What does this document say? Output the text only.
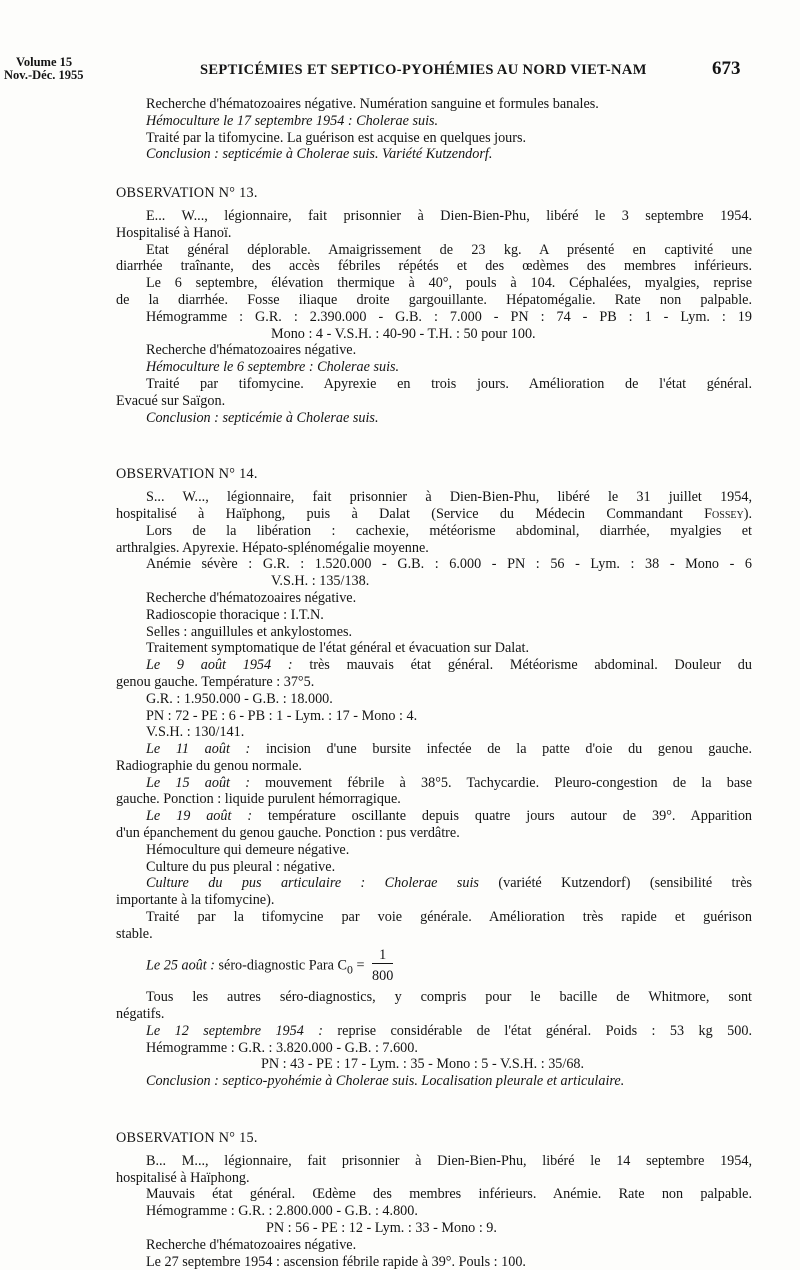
Volume 15
Nov.-Déc. 1955	SEPTICÉMIES ET SEPTICO-PYOHÉMIES AU NORD VIET-NAM	673

Recherche d'hématozoaires négative. Numération sanguine et formules banales.

Hémoculture le 17 septembre 1954 : Cholerae suis.

Traité par la tifomycine. La guérison est acquise en quelques jours.

Conclusion : septicémie à Cholerae suis. Variété Kutzendorf.

OBSERVATION N° 13.

E... W..., légionnaire, fait prisonnier à Dien-Bien-Phu, libéré le 3 septembre 1954.

Hospitalisé à Hanoï.

Etat général déplorable. Amaigrissement de 23 kg. A présenté en captivité une

diarrhée traînante, des accès fébriles répétés et des œdèmes des membres inférieurs.

Le 6 septembre, élévation thermique à 40°, pouls à 104. Céphalées, myalgies, reprise

de la diarrhée. Fosse iliaque droite gargouillante. Hépatomégalie. Rate non palpable.

Hémogramme : G.R. : 2.390.000 - G.B. : 7.000 - PN : 74 - PB : 1 - Lym. : 19

Mono : 4 - V.S.H. : 40-90 - T.H. : 50 pour 100.

Recherche d'hématozoaires négative.

Hémoculture le 6 septembre : Cholerae suis.

Traité par tifomycine. Apyrexie en trois jours. Amélioration de l'état général.

Evacué sur Saïgon.

Conclusion : septicémie à Cholerae suis.

OBSERVATION N° 14.

S... W..., légionnaire, fait prisonnier à Dien-Bien-Phu, libéré le 31 juillet 1954,

hospitalisé à Haïphong, puis à Dalat (Service du Médecin Commandant Fossey).

Lors de la libération : cachexie, météorisme abdominal, diarrhée, myalgies et

arthralgies. Apyrexie. Hépato-splénomégalie moyenne.

Anémie sévère : G.R. : 1.520.000 - G.B. : 6.000 - PN : 56 - Lym. : 38 - Mono - 6

V.S.H. : 135/138.

Recherche d'hématozoaires négative.

Radioscopie thoracique : I.T.N.

Selles : anguillules et ankylostomes.

Traitement symptomatique de l'état général et évacuation sur Dalat.

Le 9 août 1954 : très mauvais état général. Météorisme abdominal. Douleur du

genou gauche. Température : 37°5.

G.R. : 1.950.000 - G.B. : 18.000.

PN : 72 - PE : 6 - PB : 1 - Lym. : 17 - Mono : 4.

V.S.H. : 130/141.

Le 11 août : incision d'une bursite infectée de la patte d'oie du genou gauche.

Radiographie du genou normale.

Le 15 août : mouvement fébrile à 38°5. Tachycardie. Pleuro-congestion de la base

gauche. Ponction : liquide purulent hémorragique.

Le 19 août : température oscillante depuis quatre jours autour de 39°. Apparition

d'un épanchement du genou gauche. Ponction : pus verdâtre.

Hémoculture qui demeure négative.

Culture du pus pleural : négative.

Culture du pus articulaire : Cholerae suis (variété Kutzendorf) (sensibilité très

importante à la tifomycine).

Traité par la tifomycine par voie générale. Amélioration très rapide et guérison

stable.

Le 25 août : séro-diagnostic Para $C_0 = \frac{1}{800}$

Tous les autres séro-diagnostics, y compris pour le bacille de Whitmore, sont

négatifs.

Le 12 septembre 1954 : reprise considérable de l'état général. Poids : 53 kg 500.

Hémogramme : G.R. : 3.820.000 - G.B. : 7.600.

PN : 43 - PE : 17 - Lym. : 35 - Mono : 5 - V.S.H. : 35/68.

Conclusion : septico-pyohémie à Cholerae suis. Localisation pleurale et articulaire.

OBSERVATION N° 15.

B... M..., légionnaire, fait prisonnier à Dien-Bien-Phu, libéré le 14 septembre 1954,

hospitalisé à Haïphong.

Mauvais état général. Œdème des membres inférieurs. Anémie. Rate non palpable.

Hémogramme : G.R. : 2.800.000 - G.B. : 4.800.

PN : 56 - PE : 12 - Lym. : 33 - Mono : 9.

Recherche d'hématozoaires négative.

Le 27 septembre 1954 : ascension fébrile rapide à 39°. Pouls : 100.
